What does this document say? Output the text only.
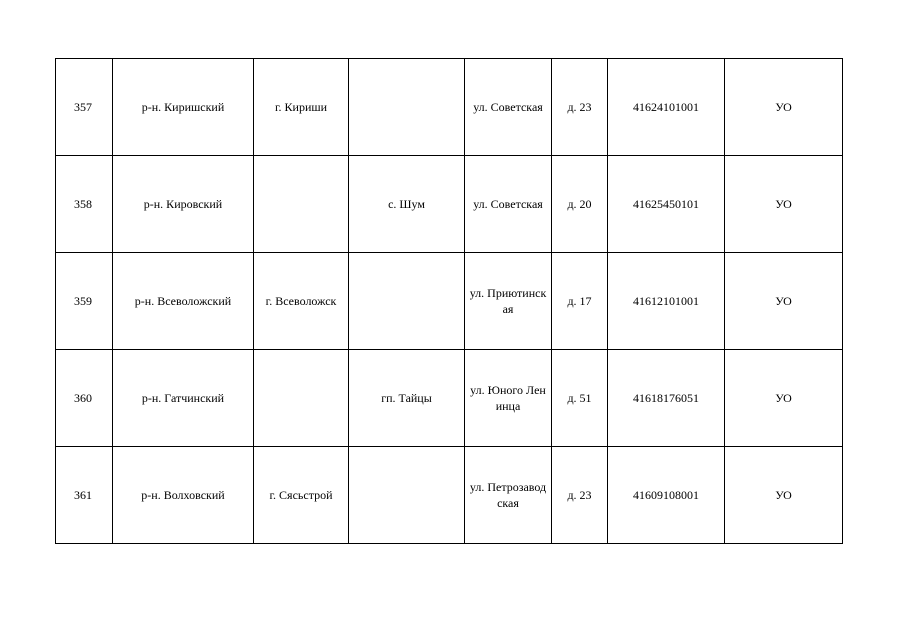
357	р-н. Киришский	г. Кириши		ул. Советская	д. 23	41624101001	УО
358	р-н. Кировский		с. Шум	ул. Советская	д. 20	41625450101	УО
359	р-н. Всеволожский	г. Всеволожск		ул. Приютинская	д. 17	41612101001	УО
360	р-н. Гатчинский		гп. Тайцы	ул. Юного Ленинца	д. 51	41618176051	УО
361	р-н. Волховский	г. Сясьстрой		ул. Петрозаводская	д. 23	41609108001	УО
